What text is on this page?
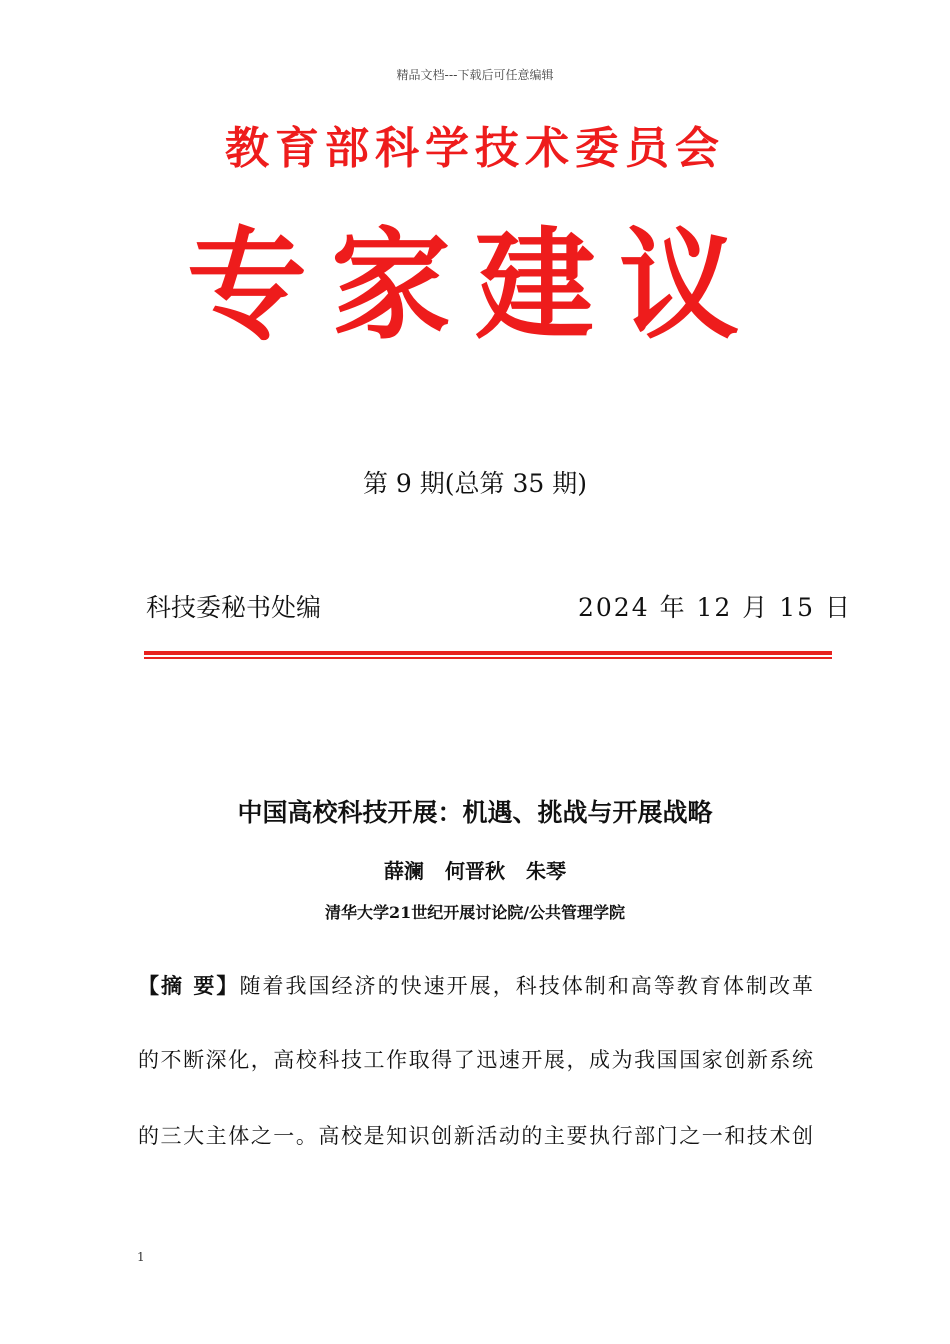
精品文档---下载后可任意编辑
教育部科学技术委员会
专家建议
第 9 期(总第 35 期)
科技委秘书处编	2024 年 12 月 15 日
中国高校科技开展：机遇、挑战与开展战略
薛澜 何晋秋 朱琴
清华大学21世纪开展讨论院/公共管理学院
【摘 要】随着我国经济的快速开展，科技体制和高等教育体制改革
的不断深化，高校科技工作取得了迅速开展，成为我国国家创新系统
的三大主体之一。高校是知识创新活动的主要执行部门之一和技术创
1
